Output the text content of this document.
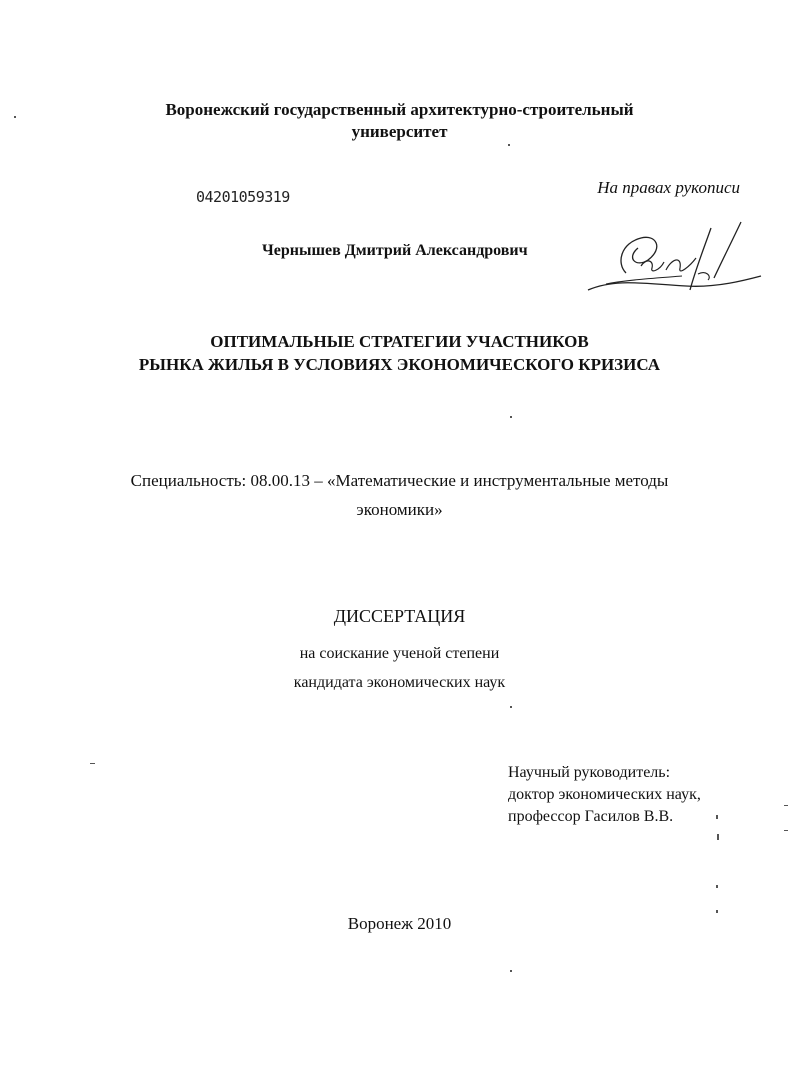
Воронежский государственный архитектурно-строительный
университет
04201059319	На правах рукописи
Чернышев Дмитрий Александрович
ОПТИМАЛЬНЫЕ СТРАТЕГИИ УЧАСТНИКОВ
РЫНКА ЖИЛЬЯ В УСЛОВИЯХ ЭКОНОМИЧЕСКОГО КРИЗИСА
Специальность: 08.00.13 – «Математические и инструментальные методы
экономики»
ДИССЕРТАЦИЯ
на соискание ученой степени
кандидата экономических наук
Научный руководитель:
доктор экономических наук,
профессор Гасилов В.В.
Воронеж 2010
